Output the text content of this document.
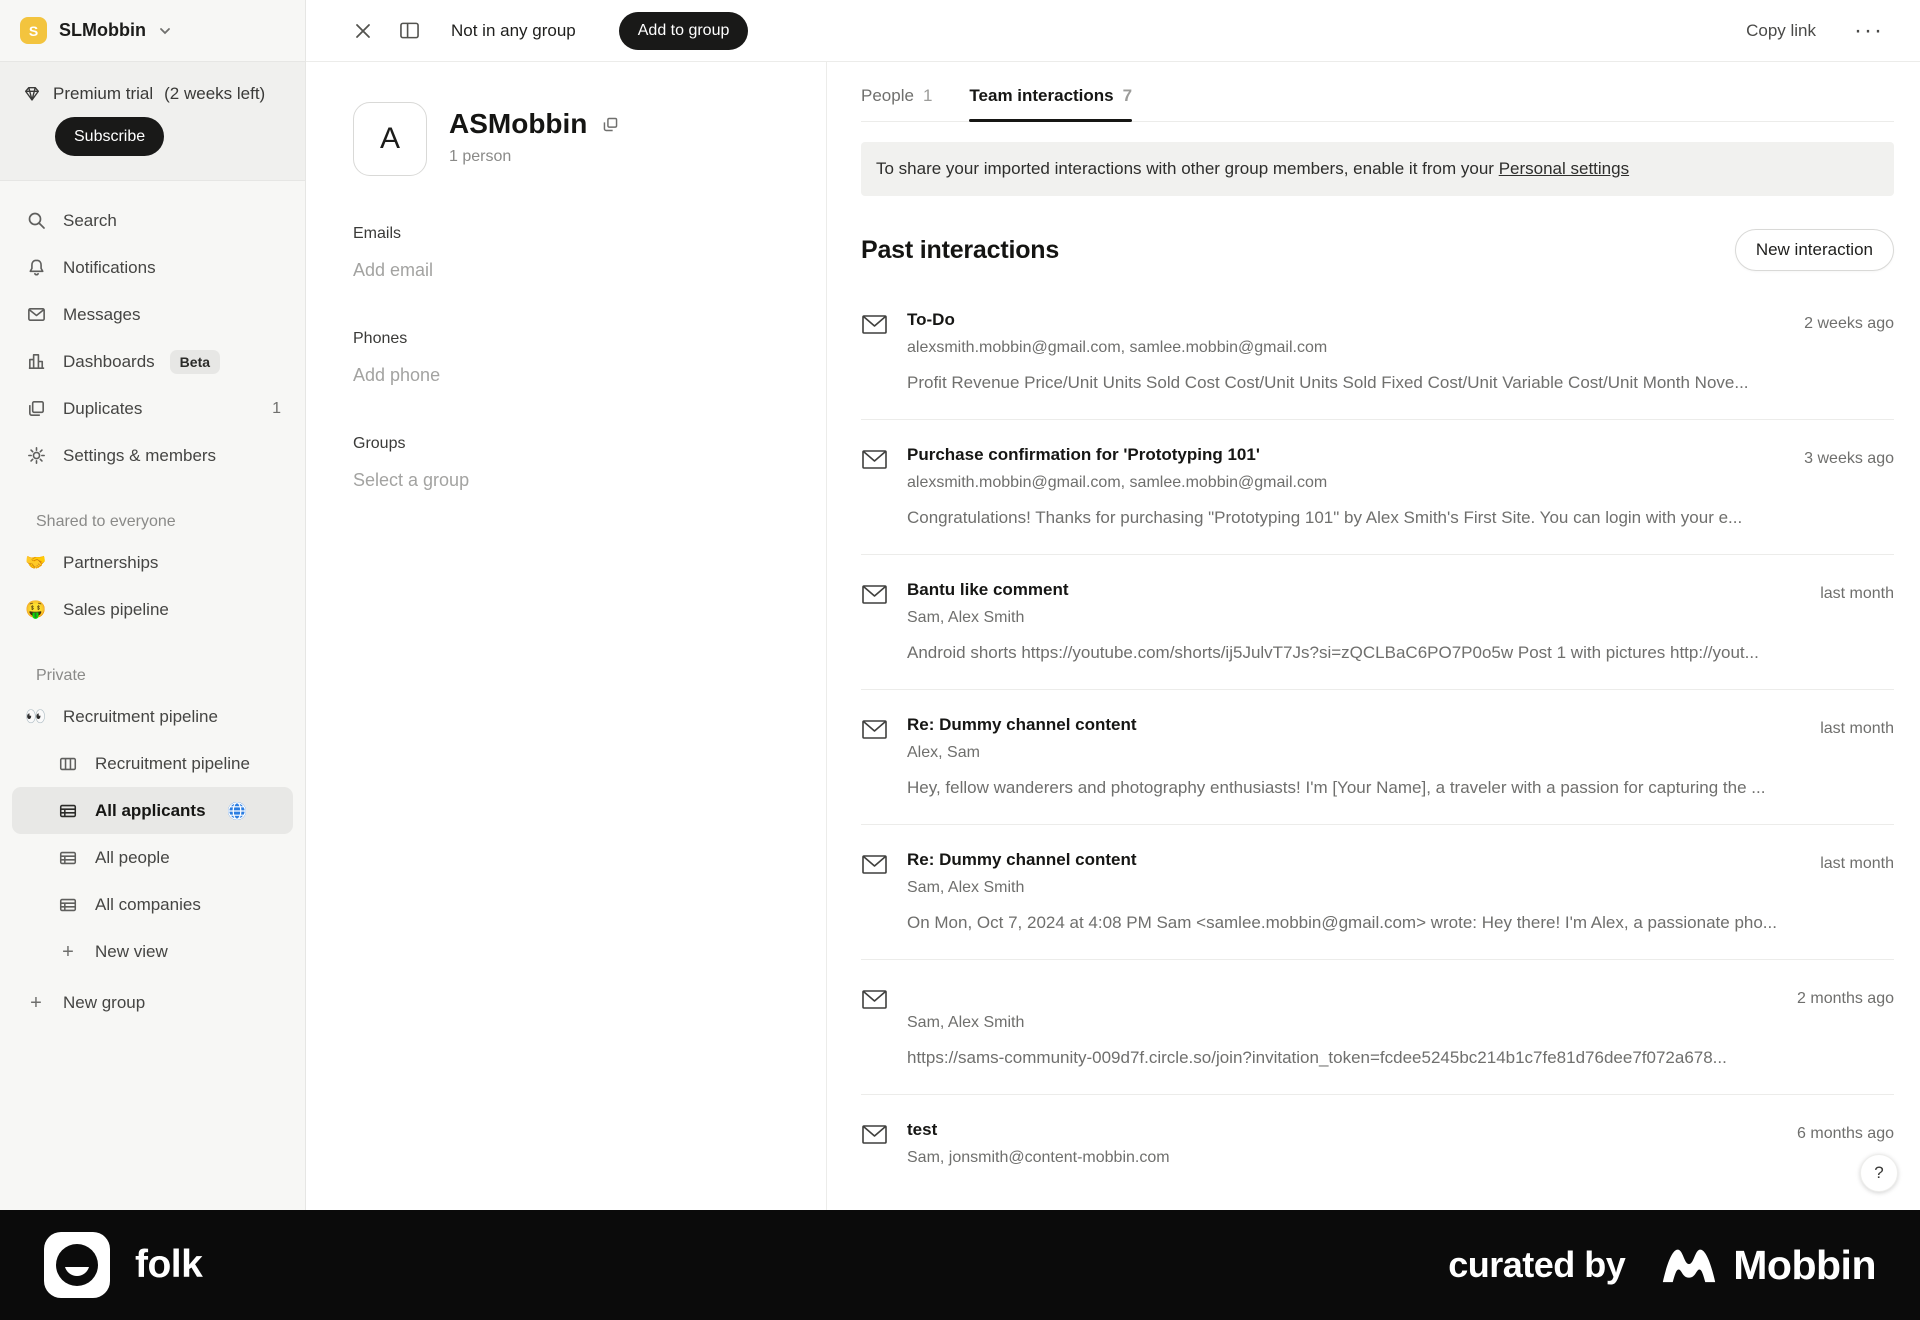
S	SLMobbin
Premium trial (2 weeks left)
Subscribe
Search
Notifications
Messages
Dashboards	Beta
Duplicates	1
Settings & members
Shared to everyone
🤝 Partnerships
🤑 Sales pipeline
Private
👀 Recruitment pipeline
Recruitment pipeline
All applicants
All people
All companies
+	New view
+	New group
Not in any group	Add to group	Copy link ···
A	ASMobbin
1 person
Emails
Add email
Phones
Add phone
Groups
Select a group
People 1 Team interactions 7
To share your imported interactions with other group members, enable it from your Personal settings
Past interactions	New interaction
To-Do
alexsmith.mobbin@gmail.com, samlee.mobbin@gmail.com
Profit Revenue Price/Unit Units Sold Cost Cost/Unit Units Sold Fixed Cost/Unit Variable Cost/Unit Month Nove...
2 weeks ago
Purchase confirmation for 'Prototyping 101'
alexsmith.mobbin@gmail.com, samlee.mobbin@gmail.com
Congratulations! Thanks for purchasing "Prototyping 101" by Alex Smith's First Site. You can login with your e...
3 weeks ago
Bantu like comment
Sam, Alex Smith
Android shorts https://youtube.com/shorts/ij5JulvT7Js?si=zQCLBaC6PO7P0o5w Post 1 with pictures http://yout...
last month
Re: Dummy channel content
Alex, Sam
Hey, fellow wanderers and photography enthusiasts! I'm [Your Name], a traveler with a passion for capturing the ...
last month
Re: Dummy channel content
Sam, Alex Smith
On Mon, Oct 7, 2024 at 4:08 PM Sam <samlee.mobbin@gmail.com> wrote: Hey there! I'm Alex, a passionate pho...
last month
Sam, Alex Smith
https://sams-community-009d7f.circle.so/join?invitation_token=fcdee5245bc214b1c7fe81d76dee7f072a678...
2 months ago
test
Sam, jonsmith@content-mobbin.com
6 months ago
?
folk	curated by	Mobbin
